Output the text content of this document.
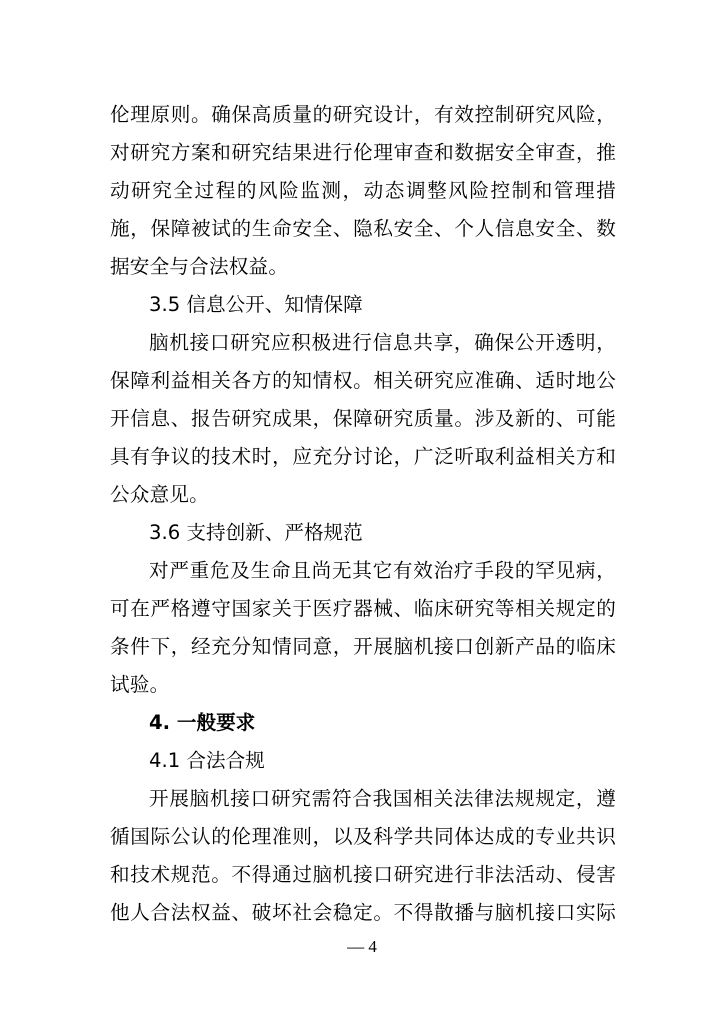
伦理原则。确保高质量的研究设计，有效控制研究风险，
对研究方案和研究结果进行伦理审查和数据安全审查，推
动研究全过程的风险监测，动态调整风险控制和管理措
施，保障被试的生命安全、隐私安全、个人信息安全、数
据安全与合法权益。
3.5 信息公开、知情保障
脑机接口研究应积极进行信息共享，确保公开透明，
保障利益相关各方的知情权。相关研究应准确、适时地公
开信息、报告研究成果，保障研究质量。涉及新的、可能
具有争议的技术时，应充分讨论，广泛听取利益相关方和
公众意见。
3.6 支持创新、严格规范
对严重危及生命且尚无其它有效治疗手段的罕见病，
可在严格遵守国家关于医疗器械、临床研究等相关规定的
条件下，经充分知情同意，开展脑机接口创新产品的临床
试验。
4. 一般要求
4.1 合法合规
开展脑机接口研究需符合我国相关法律法规规定，遵
循国际公认的伦理准则，以及科学共同体达成的专业共识
和技术规范。不得通过脑机接口研究进行非法活动、侵害
他人合法权益、破坏社会稳定。不得散播与脑机接口实际
— 4
